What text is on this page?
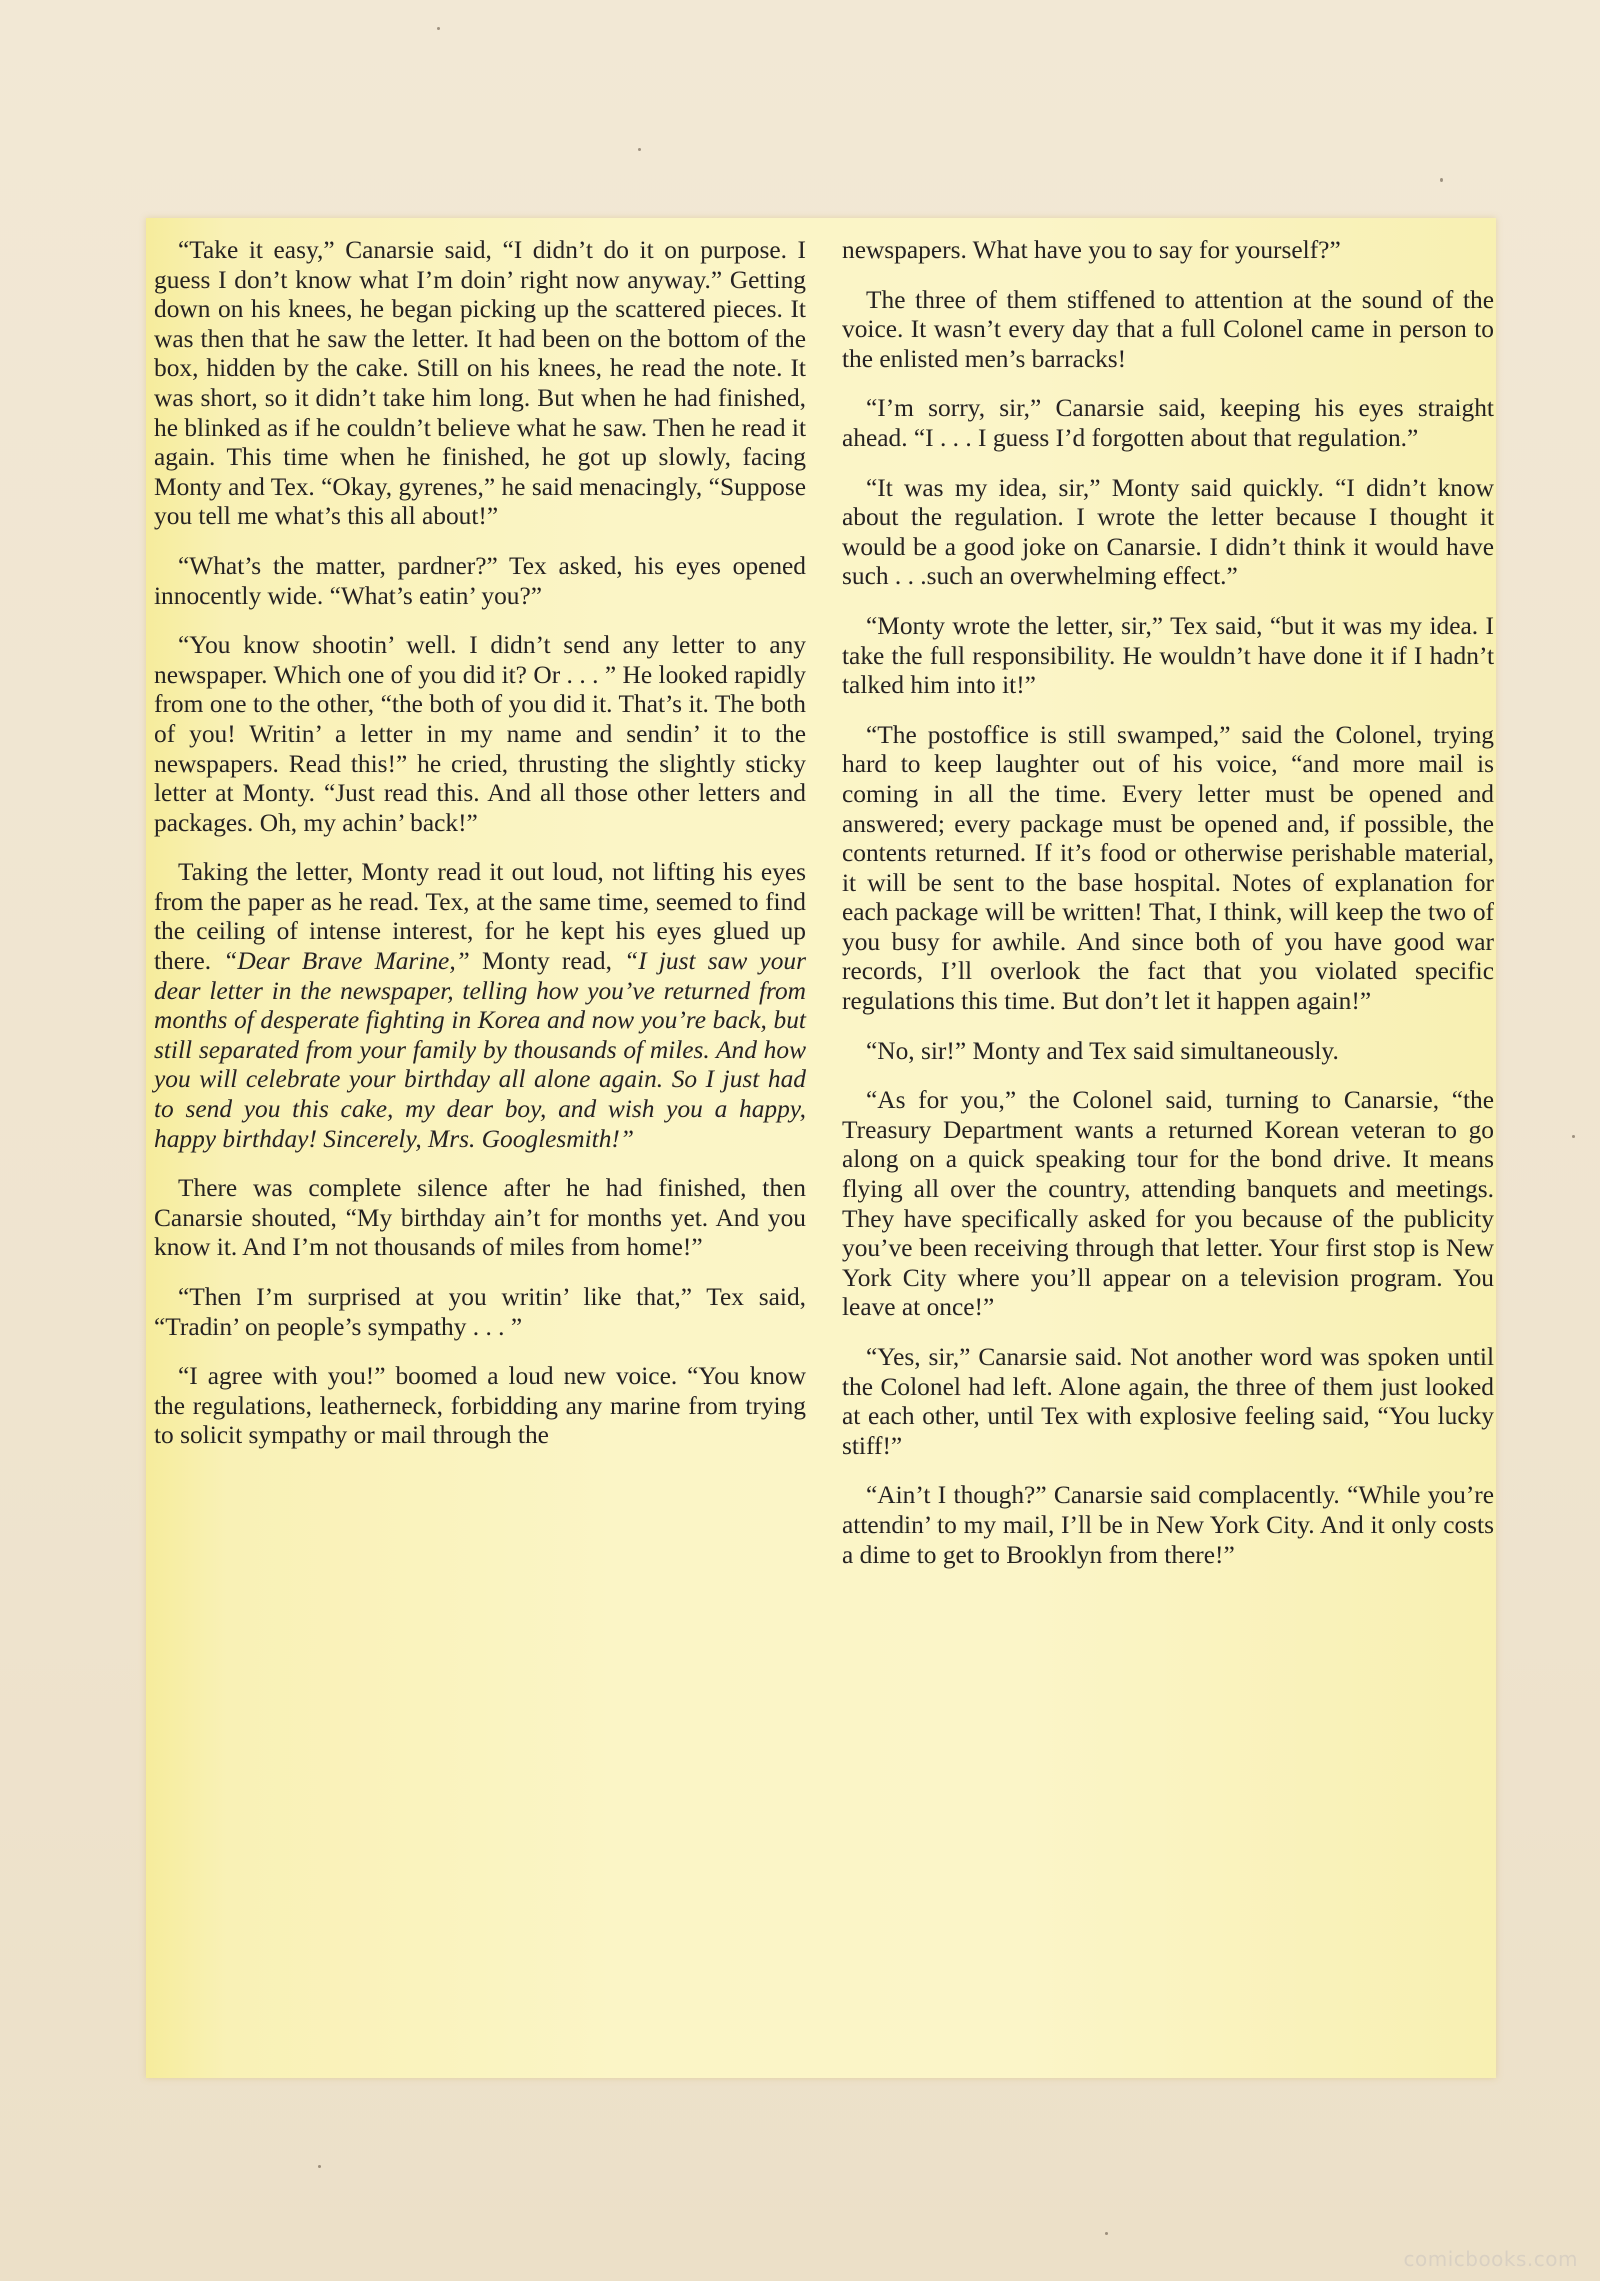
“Take it easy,” Canarsie said, “I didn’t do it on purpose. I guess I don’t know what I’m doin’ right now anyway.” Getting down on his knees, he began picking up the scattered pieces. It was then that he saw the letter. It had been on the bottom of the box, hidden by the cake. Still on his knees, he read the note. It was short, so it didn’t take him long. But when he had finished, he blinked as if he couldn’t believe what he saw. Then he read it again. This time when he finished, he got up slowly, facing Monty and Tex. “Okay, gyrenes,” he said menacingly, “Suppose you tell me what’s this all about!”

“What’s the matter, pardner?” Tex asked, his eyes opened innocently wide. “What’s eatin’ you?”

“You know shootin’ well. I didn’t send any letter to any newspaper. Which one of you did it? Or . . . ” He looked rapidly from one to the other, “the both of you did it. That’s it. The both of you! Writin’ a letter in my name and sendin’ it to the newspapers. Read this!” he cried, thrusting the slightly sticky letter at Monty. “Just read this. And all those other letters and packages. Oh, my achin’ back!”

Taking the letter, Monty read it out loud, not lifting his eyes from the paper as he read. Tex, at the same time, seemed to find the ceiling of intense interest, for he kept his eyes glued up there. “Dear Brave Marine,” Monty read, “I just saw your dear letter in the newspaper, telling how you’ve returned from months of desperate fighting in Korea and now you’re back, but still separated from your family by thousands of miles. And how you will celebrate your birthday all alone again. So I just had to send you this cake, my dear boy, and wish you a happy, happy birthday! Sincerely, Mrs. Googlesmith!”

There was complete silence after he had finished, then Canarsie shouted, “My birthday ain’t for months yet. And you know it. And I’m not thousands of miles from home!”

“Then I’m surprised at you writin’ like that,” Tex said, “Tradin’ on people’s sympathy . . . ”

“I agree with you!” boomed a loud new voice. “You know the regulations, leatherneck, forbidding any marine from trying to solicit sympathy or mail through the

newspapers. What have you to say for yourself?”

The three of them stiffened to attention at the sound of the voice. It wasn’t every day that a full Colonel came in person to the enlisted men’s barracks!

“I’m sorry, sir,” Canarsie said, keeping his eyes straight ahead. “I . . . I guess I’d forgotten about that regulation.”

“It was my idea, sir,” Monty said quickly. “I didn’t know about the regulation. I wrote the letter because I thought it would be a good joke on Canarsie. I didn’t think it would have such . . .such an overwhelming effect.”

“Monty wrote the letter, sir,” Tex said, “but it was my idea. I take the full responsibility. He wouldn’t have done it if I hadn’t talked him into it!”

“The postoffice is still swamped,” said the Colonel, trying hard to keep laughter out of his voice, “and more mail is coming in all the time. Every letter must be opened and answered; every package must be opened and, if possible, the contents returned. If it’s food or otherwise perishable material, it will be sent to the base hospital. Notes of explanation for each package will be written! That, I think, will keep the two of you busy for awhile. And since both of you have good war records, I’ll overlook the fact that you violated specific regulations this time. But don’t let it happen again!”

“No, sir!” Monty and Tex said simultaneously.

“As for you,” the Colonel said, turning to Canarsie, “the Treasury Department wants a returned Korean veteran to go along on a quick speaking tour for the bond drive. It means flying all over the country, attending banquets and meetings. They have specifically asked for you because of the publicity you’ve been receiving through that letter. Your first stop is New York City where you’ll appear on a television program. You leave at once!”

“Yes, sir,” Canarsie said. Not another word was spoken until the Colonel had left. Alone again, the three of them just looked at each other, until Tex with explosive feeling said, “You lucky stiff!”

“Ain’t I though?” Canarsie said complacently. “While you’re attendin’ to my mail, I’ll be in New York City. And it only costs a dime to get to Brooklyn from there!”

comicbooks.com
